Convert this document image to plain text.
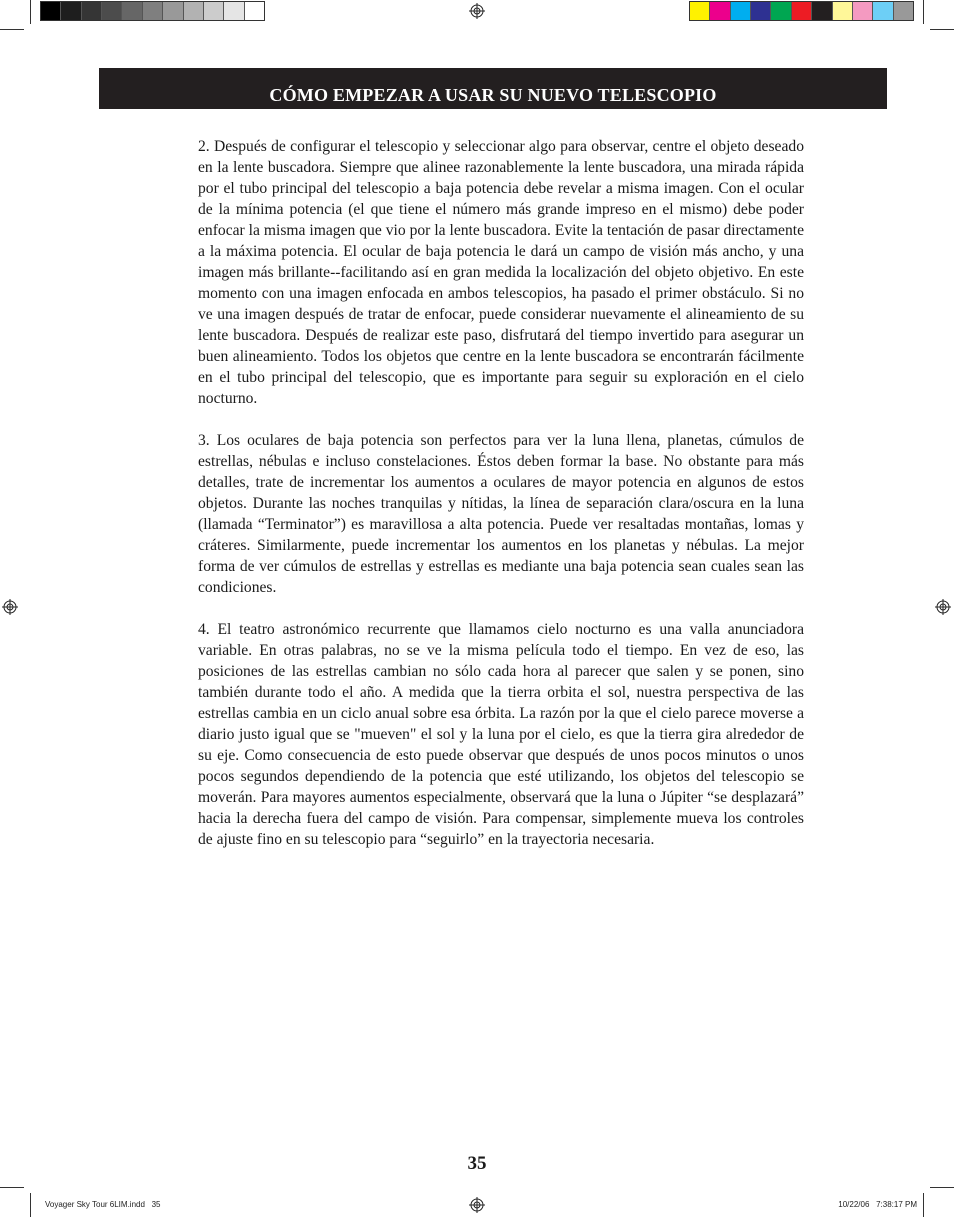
CÓMO EMPEZAR A USAR SU NUEVO TELESCOPIO

2. Después de configurar el telescopio y seleccionar algo para observar, centre el objeto deseado en la lente buscadora. Siempre que alinee razonablemente la lente buscadora, una mirada rápida por el tubo principal del telescopio a baja potencia debe revelar a misma imagen. Con el ocular de la mínima potencia (el que tiene el número más grande impreso en el mismo) debe poder enfocar la misma imagen que vio por la lente buscadora. Evite la tentación de pasar directamente a la máxima potencia. El ocular de baja potencia le dará un campo de visión más ancho, y una imagen más brillante--facilitando así en gran medida la localización del objeto objetivo. En este momento con una imagen enfocada en ambos telescopios, ha pasado el primer obstáculo. Si no ve una imagen después de tratar de enfocar, puede considerar nuevamente el alineamiento de su lente buscadora. Después de realizar este paso, disfrutará del tiempo invertido para asegurar un buen alineamiento. Todos los objetos que centre en la lente buscadora se encontrarán fácilmente en el tubo principal del telescopio, que es importante para seguir su exploración en el cielo nocturno.

3. Los oculares de baja potencia son perfectos para ver la luna llena, planetas, cúmulos de estrellas, nébulas e incluso constelaciones. Éstos deben formar la base. No obstante para más detalles, trate de incrementar los aumentos a oculares de mayor potencia en algunos de estos objetos. Durante las noches tranquilas y nítidas, la línea de separación clara/oscura en la luna (llamada “Terminator”) es maravillosa a alta potencia. Puede ver resaltadas montañas, lomas y cráteres. Similarmente, puede incrementar los aumentos en los planetas y nébulas. La mejor forma de ver cúmulos de estrellas y estrellas es mediante una baja potencia sean cuales sean las condiciones.

4. El teatro astronómico recurrente que llamamos cielo nocturno es una valla anunciadora variable. En otras palabras, no se ve la misma película todo el tiempo. En vez de eso, las posiciones de las estrellas cambian no sólo cada hora al parecer que salen y se ponen, sino también durante todo el año. A medida que la tierra orbita el sol, nuestra perspectiva de las estrellas cambia en un ciclo anual sobre esa órbita. La razón por la que el cielo parece moverse a diario justo igual que se "mueven" el sol y la luna por el cielo, es que la tierra gira alrededor de su eje. Como consecuencia de esto puede observar que después de unos pocos minutos o unos pocos segundos dependiendo de la potencia que esté utilizando, los objetos del telescopio se moverán. Para mayores aumentos especialmente, observará que la luna o Júpiter “se desplazará” hacia la derecha fuera del campo de visión. Para compensar, simplemente mueva los controles de ajuste fino en su telescopio para “seguirlo” en la trayectoria necesaria.

35
Voyager Sky Tour 6LIM.indd   35	10/22/06   7:38:17 PM
